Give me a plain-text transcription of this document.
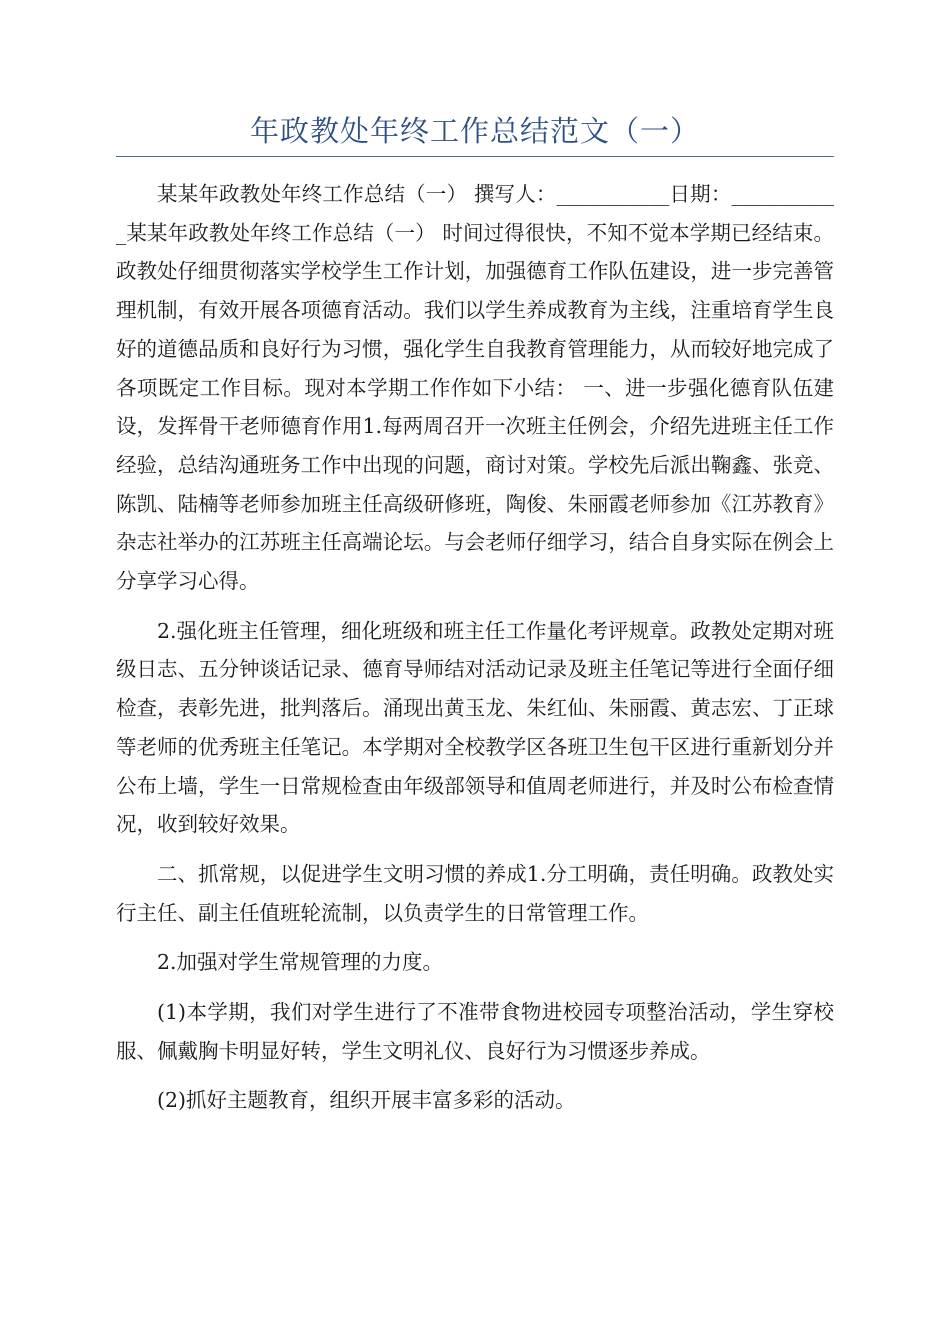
年政教处年终工作总结范文（一）

某某年政教处年终工作总结（一） 撰写人：___________日期：___________某某年政教处年终工作总结（一） 时间过得很快，不知不觉本学期已经结束。政教处仔细贯彻落实学校学生工作计划，加强德育工作队伍建设，进一步完善管理机制，有效开展各项德育活动。我们以学生养成教育为主线，注重培育学生良好的道德品质和良好行为习惯，强化学生自我教育管理能力，从而较好地完成了各项既定工作目标。现对本学期工作作如下小结： 一、进一步强化德育队伍建设，发挥骨干老师德育作用1.每两周召开一次班主任例会，介绍先进班主任工作经验，总结沟通班务工作中出现的问题，商讨对策。学校先后派出鞠鑫、张竞、陈凯、陆楠等老师参加班主任高级研修班，陶俊、朱丽霞老师参加《江苏教育》杂志社举办的江苏班主任高端论坛。与会老师仔细学习，结合自身实际在例会上分享学习心得。

2.强化班主任管理，细化班级和班主任工作量化考评规章。政教处定期对班级日志、五分钟谈话记录、德育导师结对活动记录及班主任笔记等进行全面仔细检查，表彰先进，批判落后。涌现出黄玉龙、朱红仙、朱丽霞、黄志宏、丁正球等老师的优秀班主任笔记。本学期对全校教学区各班卫生包干区进行重新划分并公布上墙，学生一日常规检查由年级部领导和值周老师进行，并及时公布检查情况，收到较好效果。

二、抓常规，以促进学生文明习惯的养成1.分工明确，责任明确。政教处实行主任、副主任值班轮流制，以负责学生的日常管理工作。

2.加强对学生常规管理的力度。

(1)本学期，我们对学生进行了不准带食物进校园专项整治活动，学生穿校服、佩戴胸卡明显好转，学生文明礼仪、良好行为习惯逐步养成。

(2)抓好主题教育，组织开展丰富多彩的活动。
